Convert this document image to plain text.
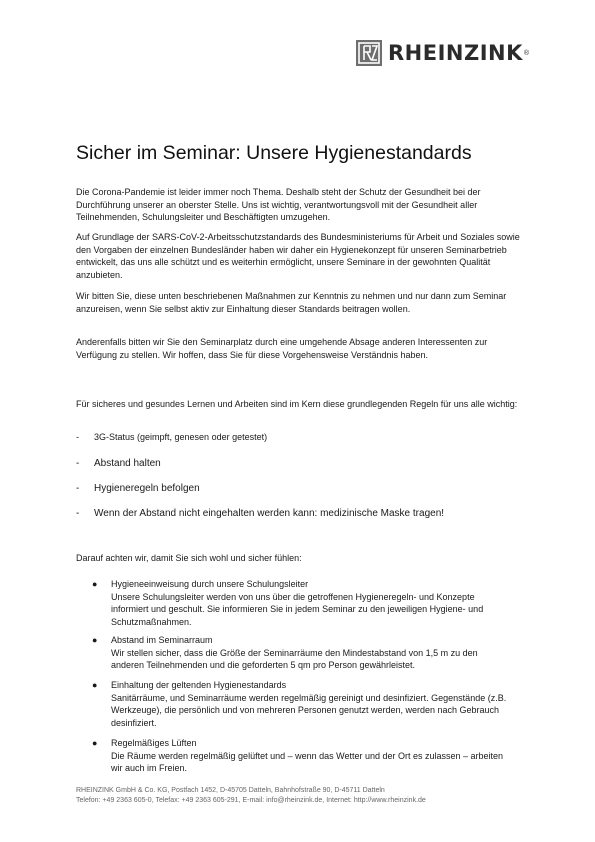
RHEINZINK ®
Sicher im Seminar: Unsere Hygienestandards

Die Corona-Pandemie ist leider immer noch Thema. Deshalb steht der Schutz der Gesundheit bei der Durchführung unserer an oberster Stelle. Uns ist wichtig, verantwortungsvoll mit der Gesundheit aller Teilnehmenden, Schulungsleiter und Beschäftigten umzugehen.

Auf Grundlage der SARS-CoV-2-Arbeitsschutzstandards des Bundesministeriums für Arbeit und Soziales sowie den Vorgaben der einzelnen Bundesländer haben wir daher ein Hygienekonzept für unseren Seminarbetrieb entwickelt, das uns alle schützt und es weiterhin ermöglicht, unsere Seminare in der gewohnten Qualität anzubieten.

Wir bitten Sie, diese unten beschriebenen Maßnahmen zur Kenntnis zu nehmen und nur dann zum Seminar anzureisen, wenn Sie selbst aktiv zur Einhaltung dieser Standards beitragen wollen.

Anderenfalls bitten wir Sie den Seminarplatz durch eine umgehende Absage anderen Interessenten zur Verfügung zu stellen. Wir hoffen, dass Sie für diese Vorgehensweise Verständnis haben.

Für sicheres und gesundes Lernen und Arbeiten sind im Kern diese grundlegenden Regeln für uns alle wichtig:

- 3G-Status (geimpft, genesen oder getestet)
- Abstand halten
- Hygieneregeln befolgen
- Wenn der Abstand nicht eingehalten werden kann: medizinische Maske tragen!

Darauf achten wir, damit Sie sich wohl und sicher fühlen:

● Hygieneeinweisung durch unsere Schulungsleiter
Unsere Schulungsleiter werden von uns über die getroffenen Hygieneregeln- und Konzepte informiert und geschult. Sie informieren Sie in jedem Seminar zu den jeweiligen Hygiene- und Schutzmaßnahmen.
● Abstand im Seminarraum
Wir stellen sicher, dass die Größe der Seminarräume den Mindestabstand von 1,5 m zu den anderen Teilnehmenden und die geforderten 5 qm pro Person gewährleistet.
● Einhaltung der geltenden Hygienestandards
Sanitärräume, und Seminarräume werden regelmäßig gereinigt und desinfiziert. Gegenstände (z.B. Werkzeuge), die persönlich und von mehreren Personen genutzt werden, werden nach Gebrauch desinfiziert.
● Regelmäßiges Lüften
Die Räume werden regelmäßig gelüftet und – wenn das Wetter und der Ort es zulassen – arbeiten wir auch im Freien.
RHEINZINK GmbH & Co. KG, Postfach 1452, D-45705 Datteln, Bahnhofstraße 90, D-45711 Datteln
Telefon: +49 2363 605-0, Telefax: +49 2363 605-291, E-mail: info@rheinzink.de, Internet: http://www.rheinzink.de
